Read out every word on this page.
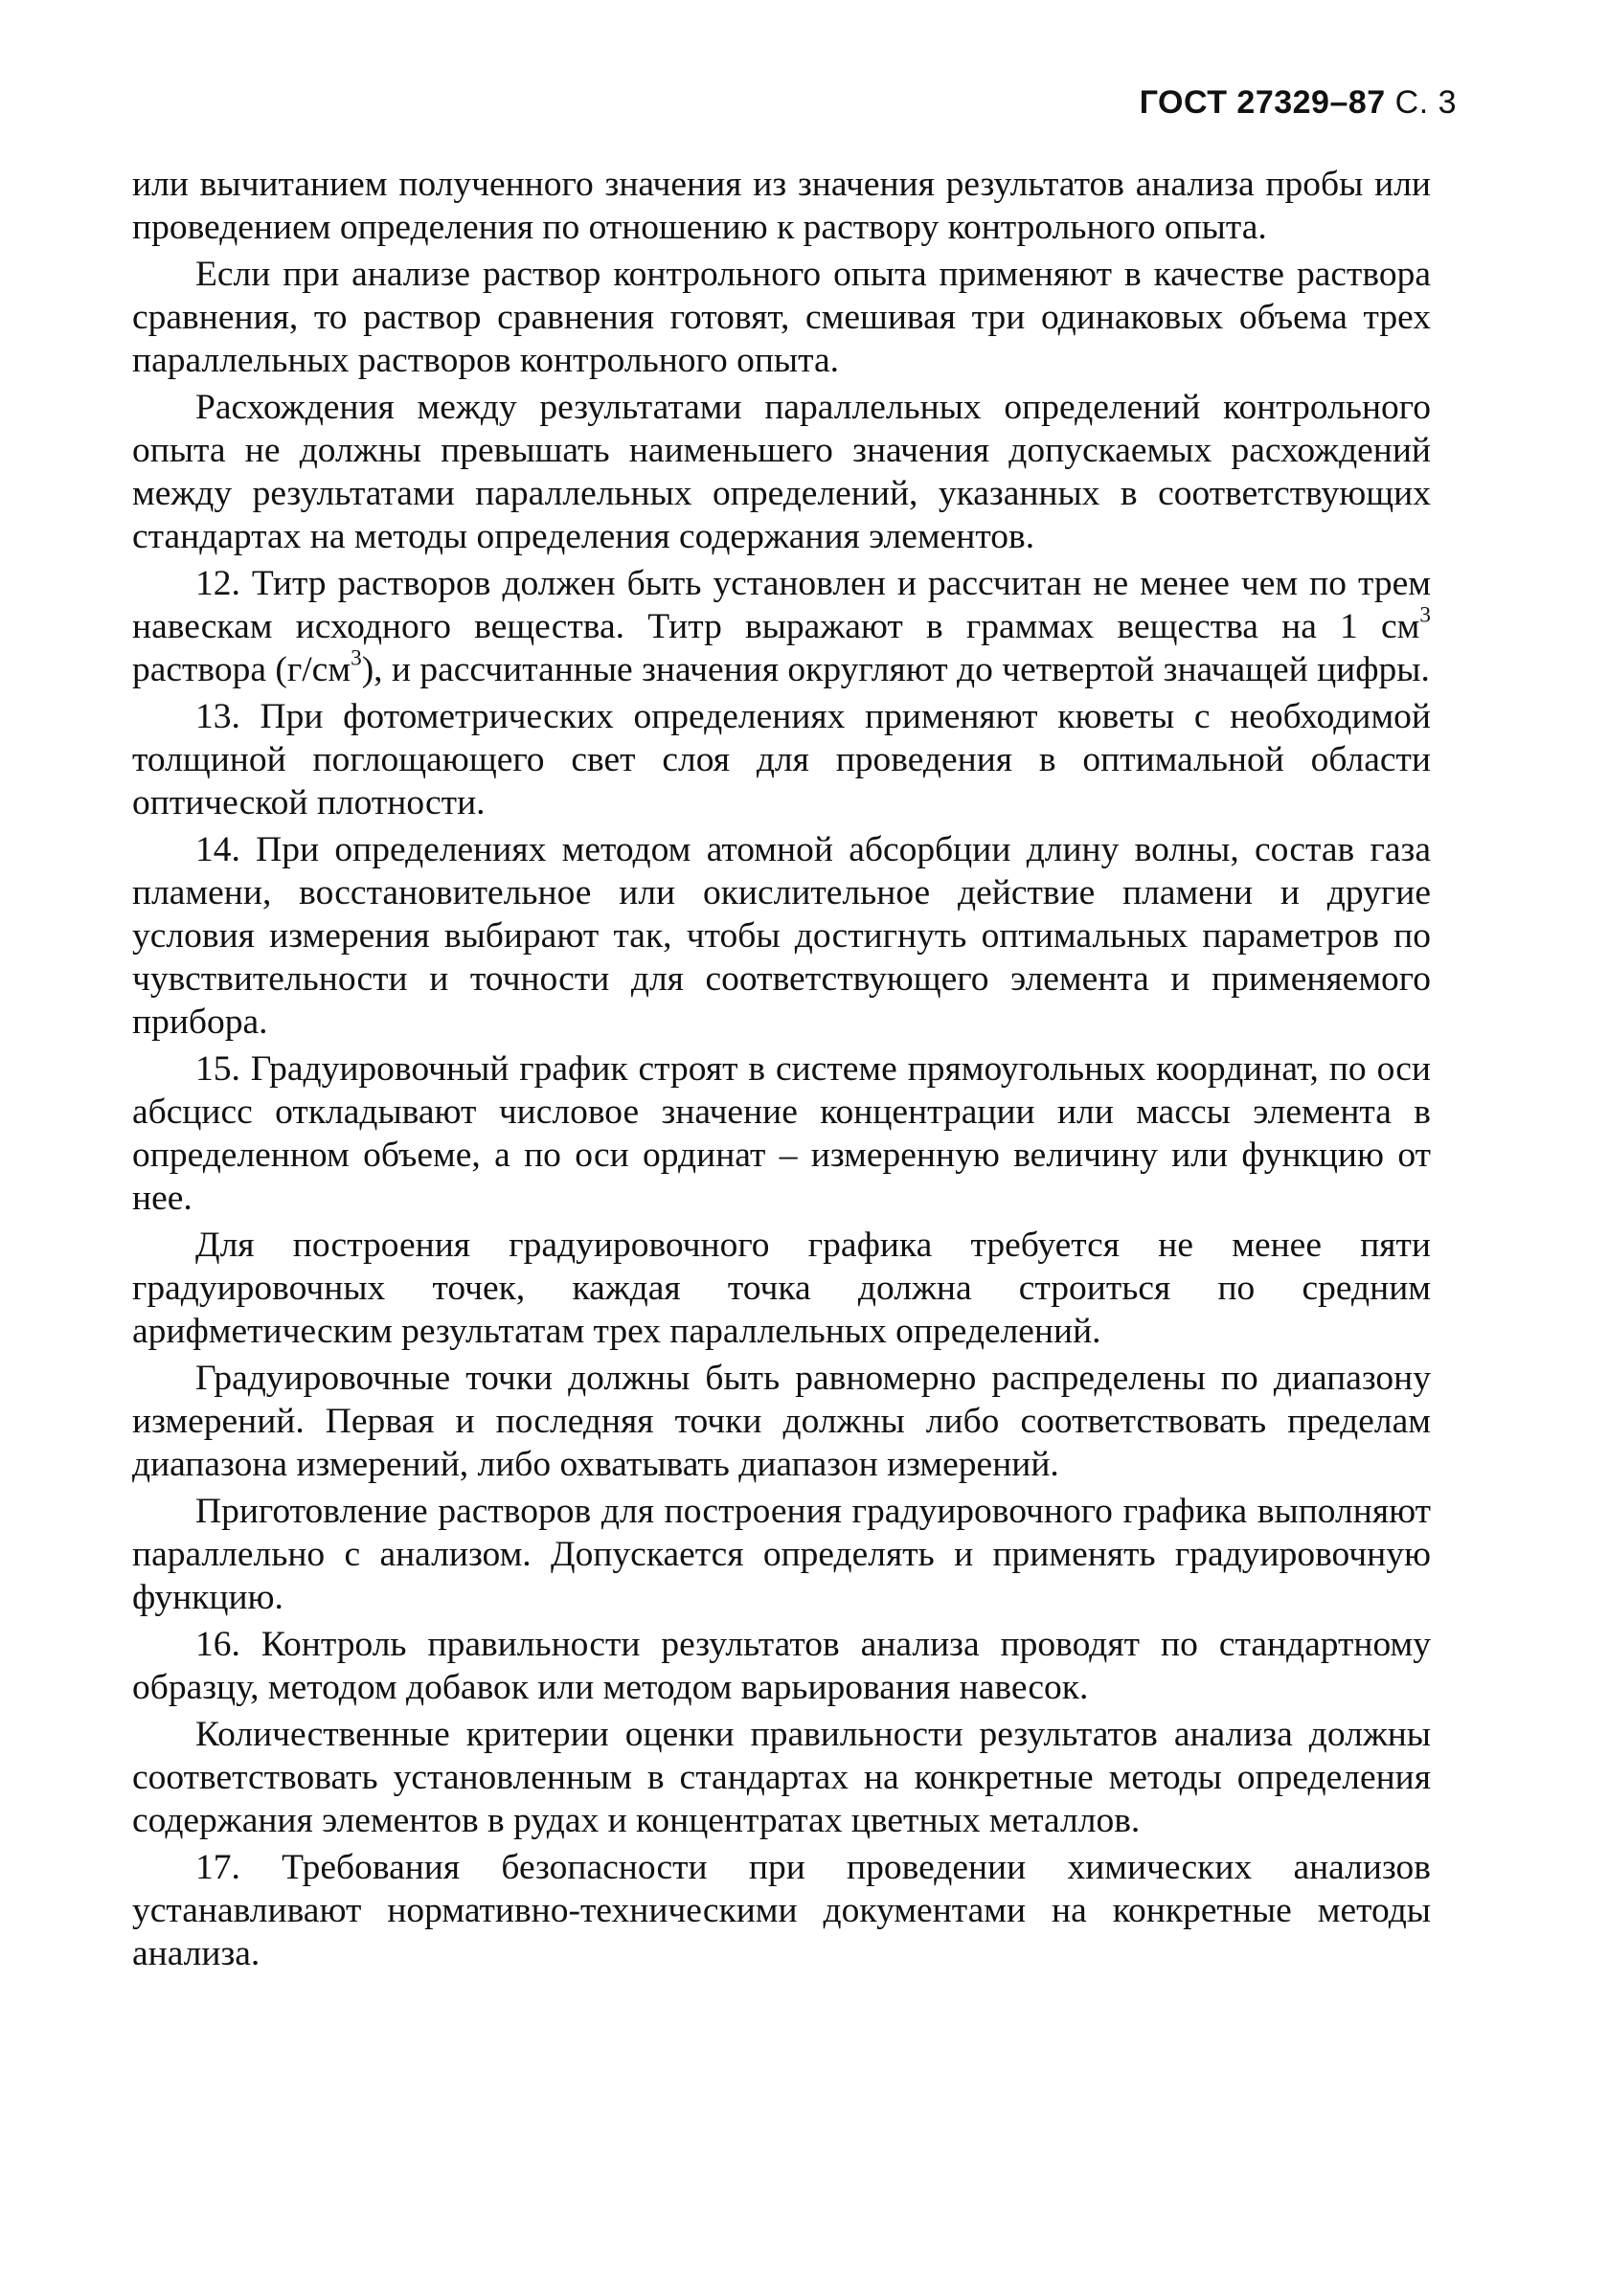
ГОСТ 27329–87 С. 3

или вычитанием полученного значения из значения результатов анализа пробы или проведением определения по отношению к раствору контрольного опыта.

Если при анализе раствор контрольного опыта применяют в качестве раствора сравнения, то раствор сравнения готовят, смешивая три одинаковых объема трех параллельных растворов контрольного опыта.

Расхождения между результатами параллельных определений контрольного опыта не должны превышать наименьшего значения допускаемых расхождений между результатами параллельных определений, указанных в соответствующих стандартах на методы определения содержания элементов.

12. Титр растворов должен быть установлен и рассчитан не менее чем по трем навескам исходного вещества. Титр выражают в граммах вещества на 1 $см^3$ раствора $(г/см^3)$, и рассчитанные значения округляют до четвертой значащей цифры.

13. При фотометрических определениях применяют кюветы с необходимой толщиной поглощающего свет слоя для проведения в оптимальной области оптической плотности.

14. При определениях методом атомной абсорбции длину волны, состав газа пламени, восстановительное или окислительное действие пламени и другие условия измерения выбирают так, чтобы достигнуть оптимальных параметров по чувствительности и точности для соответствующего элемента и применяемого прибора.

15. Градуировочный график строят в системе прямоугольных координат, по оси абсцисс откладывают числовое значение концентрации или массы элемента в определенном объеме, а по оси ординат – измеренную величину или функцию от нее.

Для построения градуировочного графика требуется не менее пяти градуировочных точек, каждая точка должна строиться по средним арифметическим результатам трех параллельных определений.

Градуировочные точки должны быть равномерно распределены по диапазону измерений. Первая и последняя точки должны либо соответствовать пределам диапазона измерений, либо охватывать диапазон измерений.

Приготовление растворов для построения градуировочного графика выполняют параллельно с анализом. Допускается определять и применять градуировочную функцию.

16. Контроль правильности результатов анализа проводят по стандартному образцу, методом добавок или методом варьирования навесок.

Количественные критерии оценки правильности результатов анализа должны соответствовать установленным в стандартах на конкретные методы определения содержания элементов в рудах и концентратах цветных металлов.

17. Требования безопасности при проведении химических анализов устанавливают нормативно-техническими документами на конкретные методы анализа.
